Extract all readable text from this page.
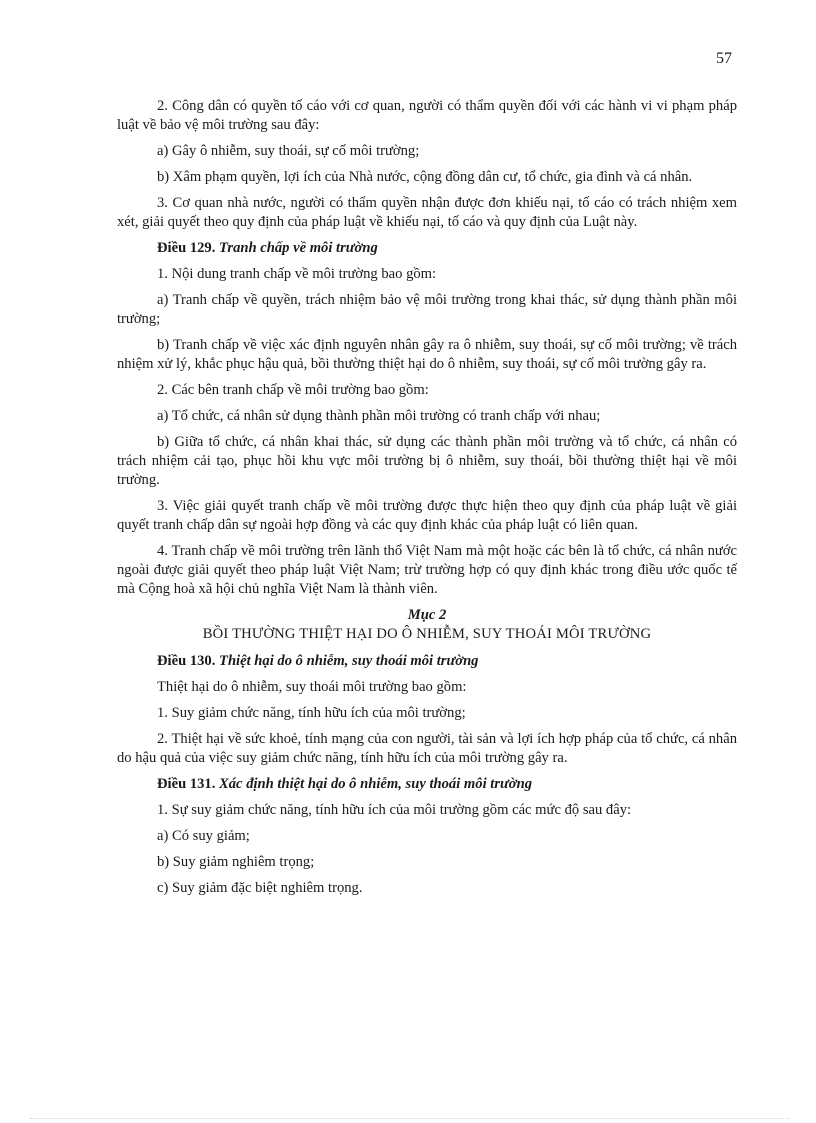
57

2. Công dân có quyền tố cáo với cơ quan, người có thẩm quyền đối với các hành vi vi phạm pháp luật về bảo vệ môi trường sau đây:

a) Gây ô nhiễm, suy thoái, sự cố môi trường;

b) Xâm phạm quyền, lợi ích của Nhà nước, cộng đồng dân cư, tổ chức, gia đình và cá nhân.

3. Cơ quan nhà nước, người có thẩm quyền nhận được đơn khiếu nại, tố cáo có trách nhiệm xem xét, giải quyết theo quy định của pháp luật về khiếu nại, tố cáo và quy định của Luật này.

Điều 129. Tranh chấp về môi trường

1. Nội dung tranh chấp về môi trường bao gồm:

a) Tranh chấp về quyền, trách nhiệm bảo vệ môi trường trong khai thác, sử dụng thành phần môi trường;

b) Tranh chấp về việc xác định nguyên nhân gây ra ô nhiễm, suy thoái, sự cố môi trường; về trách nhiệm xử lý, khắc phục hậu quả, bồi thường thiệt hại do ô nhiễm, suy thoái, sự cố môi trường gây ra.

2. Các bên tranh chấp về môi trường bao gồm:

a) Tổ chức, cá nhân sử dụng thành phần môi trường có tranh chấp với nhau;

b) Giữa tổ chức, cá nhân khai thác, sử dụng các thành phần môi trường và tổ chức, cá nhân có trách nhiệm cải tạo, phục hồi khu vực môi trường bị ô nhiễm, suy thoái, bồi thường thiệt hại về môi trường.

3. Việc giải quyết tranh chấp về môi trường được thực hiện theo quy định của pháp luật về giải quyết tranh chấp dân sự ngoài hợp đồng và các quy định khác của pháp luật có liên quan.

4. Tranh chấp về môi trường trên lãnh thổ Việt Nam mà một hoặc các bên là tổ chức, cá nhân nước ngoài được giải quyết theo pháp luật Việt Nam; trừ trường hợp có quy định khác trong điều ước quốc tế mà Cộng hoà xã hội chủ nghĩa Việt Nam là thành viên.

Mục 2

BỒI THƯỜNG THIỆT HẠI DO Ô NHIỄM, SUY THOÁI MÔI TRƯỜNG

Điều 130. Thiệt hại do ô nhiễm, suy thoái môi trường

Thiệt hại do ô nhiễm, suy thoái môi trường bao gồm:

1. Suy giảm chức năng, tính hữu ích của môi trường;

2. Thiệt hại về sức khoẻ, tính mạng của con người, tài sản và lợi ích hợp pháp của tổ chức, cá nhân do hậu quả của việc suy giảm chức năng, tính hữu ích của môi trường gây ra.

Điều 131. Xác định thiệt hại do ô nhiễm, suy thoái môi trường

1. Sự suy giảm chức năng, tính hữu ích của môi trường gồm các mức độ sau đây:

a) Có suy giảm;

b) Suy giảm nghiêm trọng;

c) Suy giảm đặc biệt nghiêm trọng.
